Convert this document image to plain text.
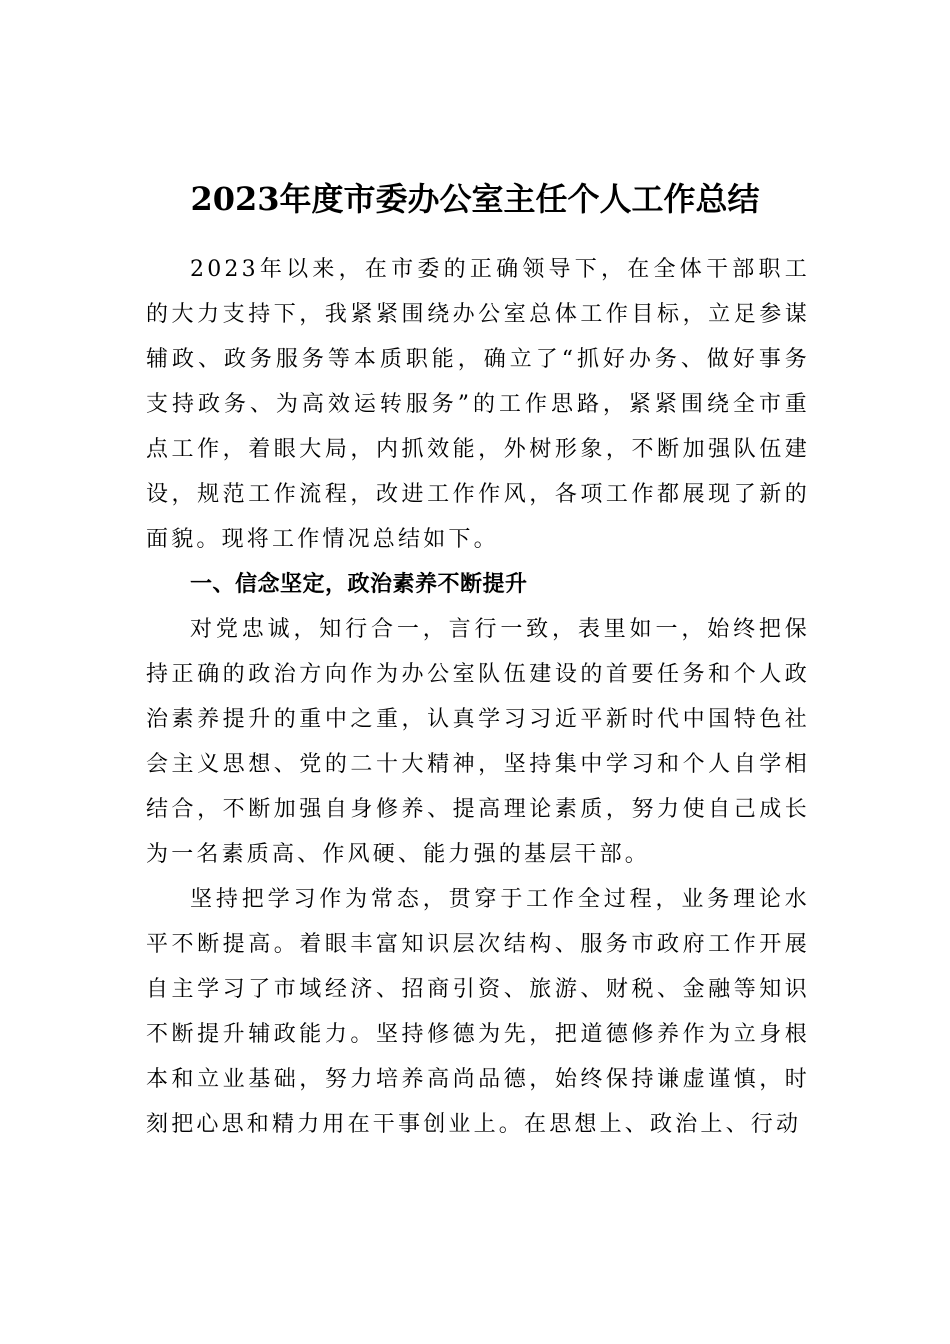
2023年度市委办公室主任个人工作总结

2023年以来，在市委的正确领导下，在全体干部职工的大力支持下，我紧紧围绕办公室总体工作目标，立足参谋辅政、政务服务等本质职能，确立了“抓好办务、做好事务支持政务、为高效运转服务”的工作思路，紧紧围绕全市重点工作，着眼大局，内抓效能，外树形象，不断加强队伍建设，规范工作流程，改进工作作风，各项工作都展现了新的面貌。现将工作情况总结如下。

一、信念坚定，政治素养不断提升

对党忠诚，知行合一，言行一致，表里如一，始终把保持正确的政治方向作为办公室队伍建设的首要任务和个人政治素养提升的重中之重，认真学习习近平新时代中国特色社会主义思想、党的二十大精神，坚持集中学习和个人自学相结合，不断加强自身修养、提高理论素质，努力使自己成长为一名素质高、作风硬、能力强的基层干部。

坚持把学习作为常态，贯穿于工作全过程，业务理论水平不断提高。着眼丰富知识层次结构、服务市政府工作开展自主学习了市域经济、招商引资、旅游、财税、金融等知识不断提升辅政能力。坚持修德为先，把道德修养作为立身根本和立业基础，努力培养高尚品德，始终保持谦虚谨慎，时刻把心思和精力用在干事创业上。在思想上、政治上、行动
